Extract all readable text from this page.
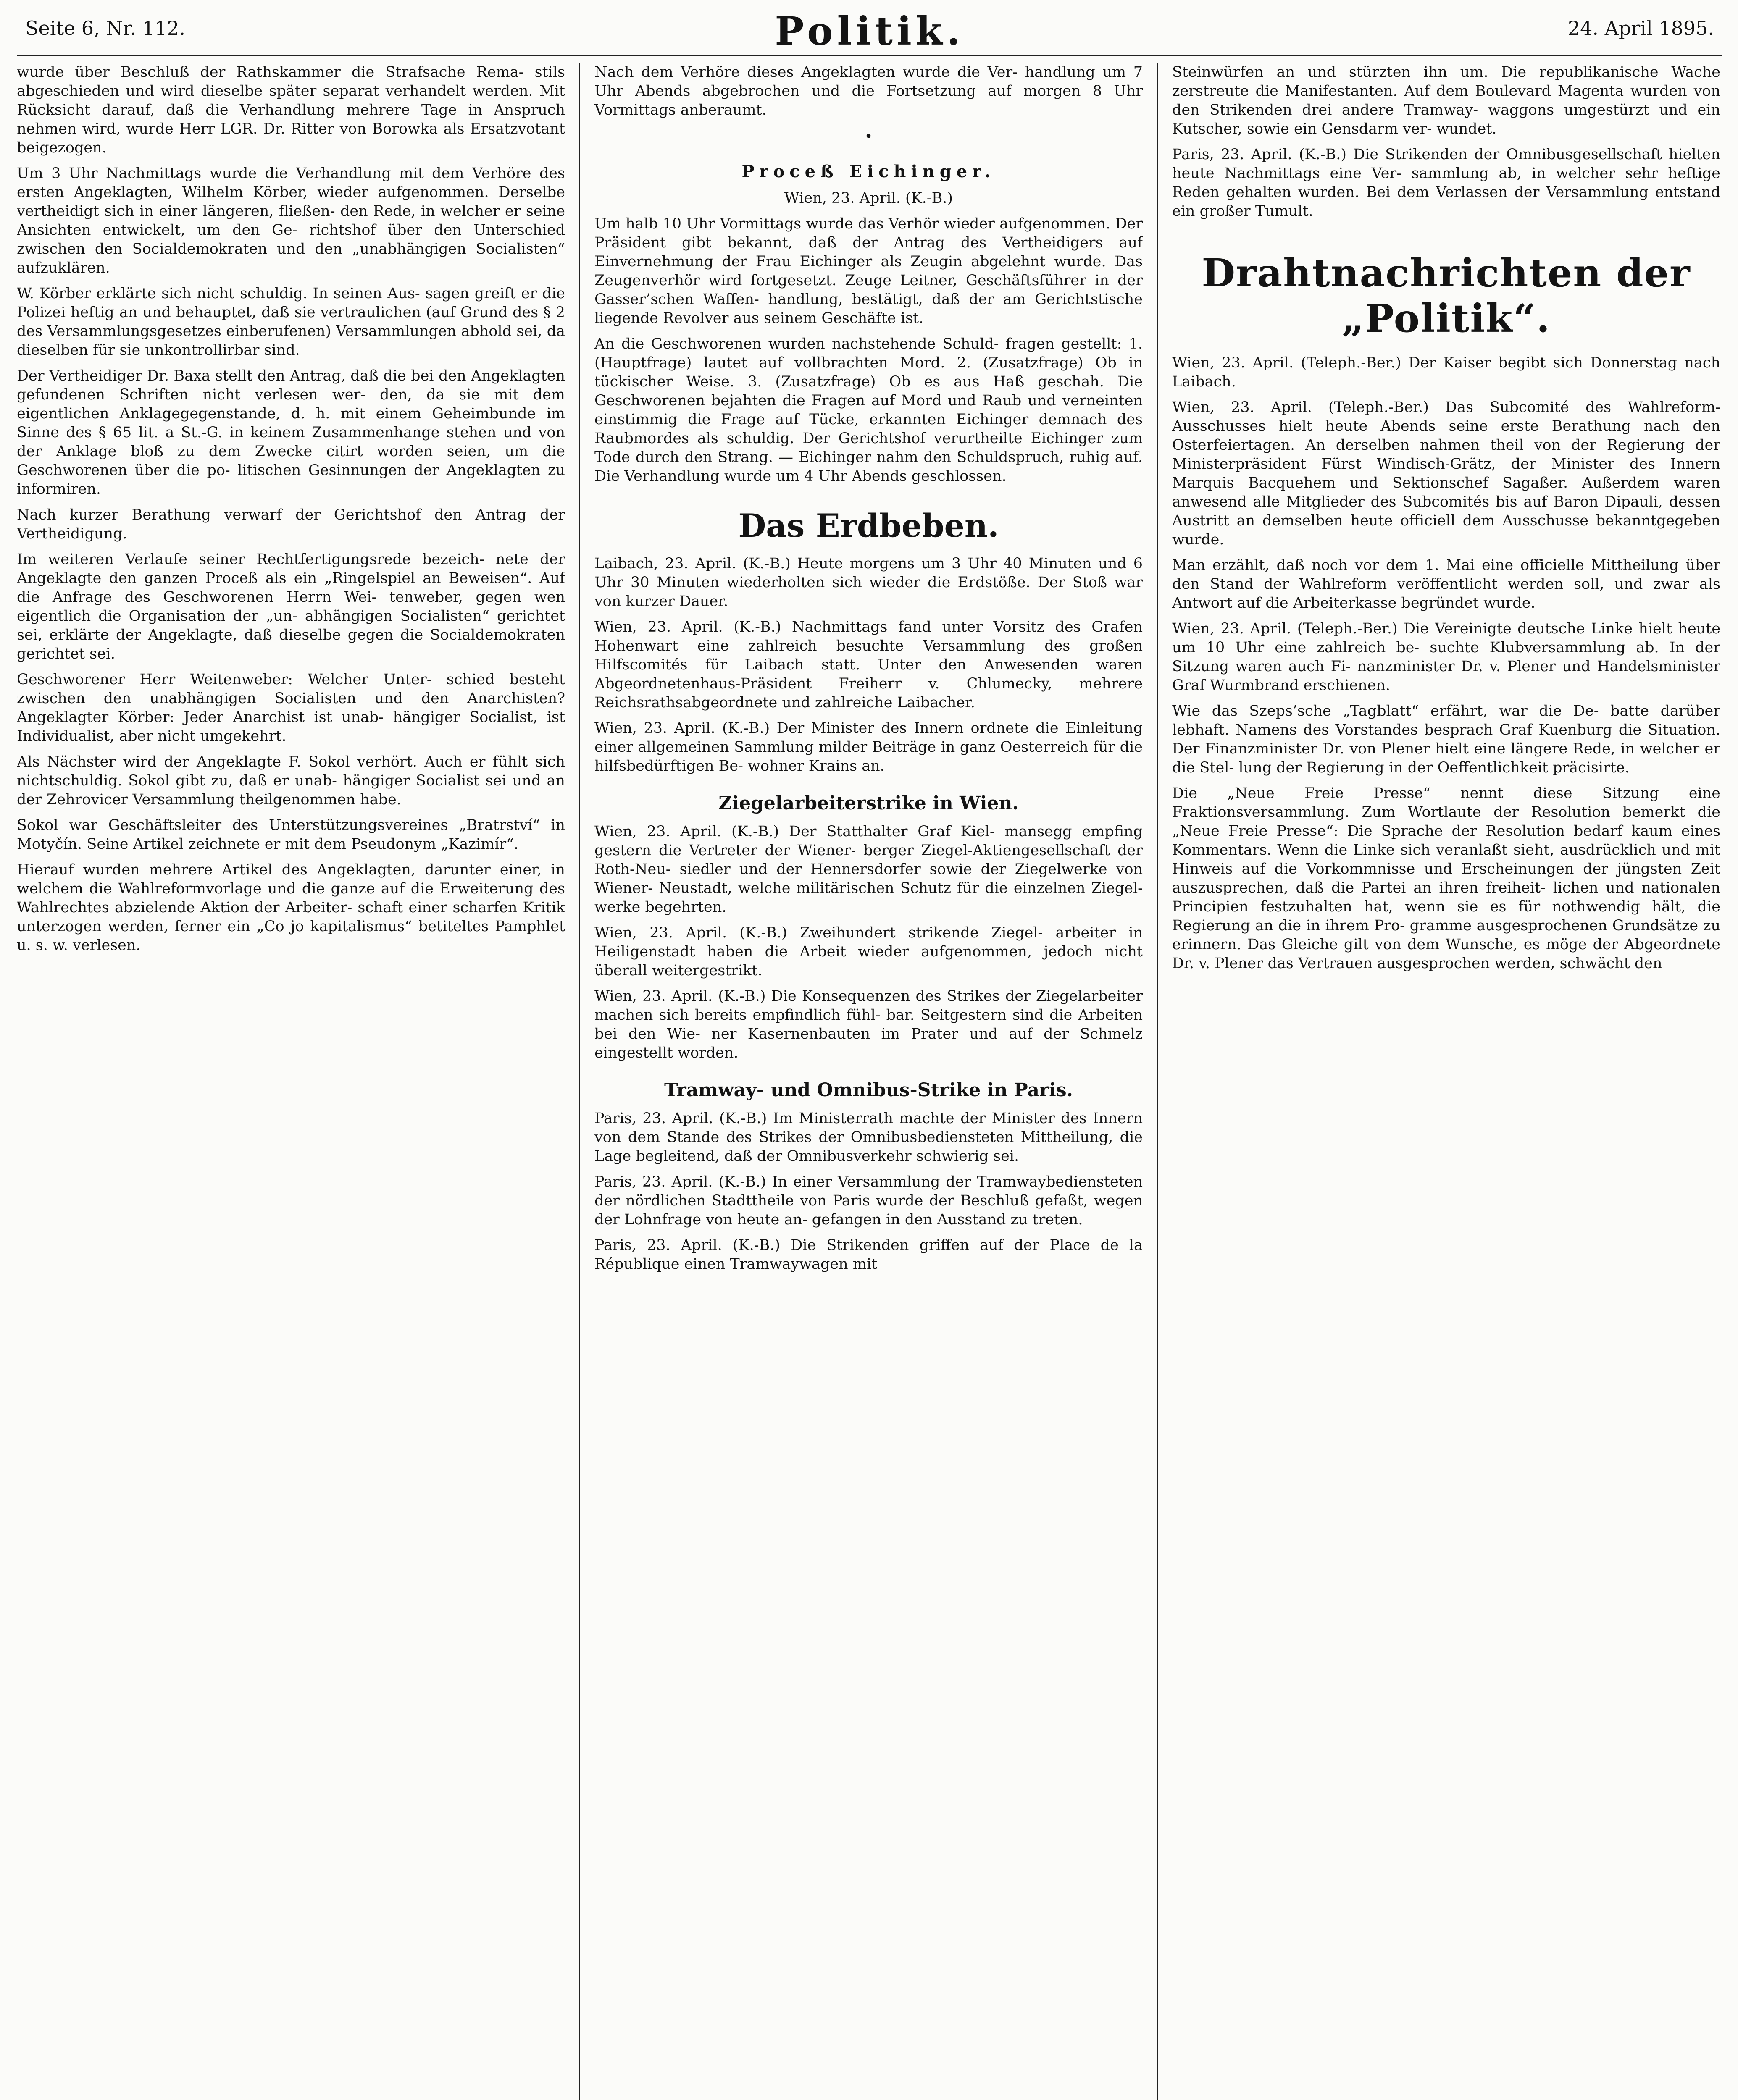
Seite 6, Nr. 112.	Politik.	24. April 1895.

wurde über Beschluß der Rathskammer die Strafsache Rema- stils abgeschieden und wird dieselbe später separat verhandelt werden. Mit Rücksicht darauf, daß die Verhandlung mehrere Tage in Anspruch nehmen wird, wurde Herr LGR. Dr. Ritter von Borowka als Ersatzvotant beigezogen.

Um 3 Uhr Nachmittags wurde die Verhandlung mit dem Verhöre des ersten Angeklagten, Wilhelm Körber, wieder aufgenommen. Derselbe vertheidigt sich in einer längeren, fließen- den Rede, in welcher er seine Ansichten entwickelt, um den Ge- richtshof über den Unterschied zwischen den Socialdemokraten und den „unabhängigen Socialisten“ aufzuklären.

W. Körber erklärte sich nicht schuldig. In seinen Aus- sagen greift er die Polizei heftig an und behauptet, daß sie vertraulichen (auf Grund des § 2 des Versammlungsgesetzes einberufenen) Versammlungen abhold sei, da dieselben für sie unkontrollirbar sind.

Der Vertheidiger Dr. Baxa stellt den Antrag, daß die bei den Angeklagten gefundenen Schriften nicht verlesen wer- den, da sie mit dem eigentlichen Anklagegegenstande, d. h. mit einem Geheimbunde im Sinne des § 65 lit. a St.-G. in keinem Zusammenhange stehen und von der Anklage bloß zu dem Zwecke citirt worden seien, um die Geschworenen über die po- litischen Gesinnungen der Angeklagten zu informiren.

Nach kurzer Berathung verwarf der Gerichtshof den Antrag der Vertheidigung.

Im weiteren Verlaufe seiner Rechtfertigungsrede bezeich- nete der Angeklagte den ganzen Proceß als ein „Ringelspiel an Beweisen“. Auf die Anfrage des Geschworenen Herrn Wei- tenweber, gegen wen eigentlich die Organisation der „un- abhängigen Socialisten“ gerichtet sei, erklärte der Angeklagte, daß dieselbe gegen die Socialdemokraten gerichtet sei.

Geschworener Herr Weitenweber: Welcher Unter- schied besteht zwischen den unabhängigen Socialisten und den Anarchisten? Angeklagter Körber: Jeder Anarchist ist unab- hängiger Socialist, ist Individualist, aber nicht umgekehrt.

Als Nächster wird der Angeklagte F. Sokol verhört. Auch er fühlt sich nichtschuldig. Sokol gibt zu, daß er unab- hängiger Socialist sei und an der Zehrovicer Versammlung theilgenommen habe.

Sokol war Geschäftsleiter des Unterstützungsvereines „Bratrství“ in Motyčín. Seine Artikel zeichnete er mit dem Pseudonym „Kazimír“.

Hierauf wurden mehrere Artikel des Angeklagten, darunter einer, in welchem die Wahlreformvorlage und die ganze auf die Erweiterung des Wahlrechtes abzielende Aktion der Arbeiter- schaft einer scharfen Kritik unterzogen werden, ferner ein „Co jo kapitalismus“ betiteltes Pamphlet u. s. w. verlesen.

Nach dem Verhöre dieses Angeklagten wurde die Ver- handlung um 7 Uhr Abends abgebrochen und die Fortsetzung auf morgen 8 Uhr Vormittags anberaumt.

•
Proceß Eichinger.

Wien, 23. April. (K.-B.)

Um halb 10 Uhr Vormittags wurde das Verhör wieder aufgenommen. Der Präsident gibt bekannt, daß der Antrag des Vertheidigers auf Einvernehmung der Frau Eichinger als Zeugin abgelehnt wurde. Das Zeugenverhör wird fortgesetzt. Zeuge Leitner, Geschäftsführer in der Gasser’schen Waffen- handlung, bestätigt, daß der am Gerichtstische liegende Revolver aus seinem Geschäfte ist.

An die Geschworenen wurden nachstehende Schuld- fragen gestellt: 1. (Hauptfrage) lautet auf vollbrachten Mord. 2. (Zusatzfrage) Ob in tückischer Weise. 3. (Zusatzfrage) Ob es aus Haß geschah. Die Geschworenen bejahten die Fragen auf Mord und Raub und verneinten einstimmig die Frage auf Tücke, erkannten Eichinger demnach des Raubmordes als schuldig. Der Gerichtshof verurtheilte Eichinger zum Tode durch den Strang. — Eichinger nahm den Schuldspruch, ruhig auf. Die Verhandlung wurde um 4 Uhr Abends geschlossen.

Das Erdbeben.

Laibach, 23. April. (K.-B.) Heute morgens um 3 Uhr 40 Minuten und 6 Uhr 30 Minuten wiederholten sich wieder die Erdstöße. Der Stoß war von kurzer Dauer.

Wien, 23. April. (K.-B.) Nachmittags fand unter Vorsitz des Grafen Hohenwart eine zahlreich besuchte Versammlung des großen Hilfscomités für Laibach statt. Unter den Anwesenden waren Abgeordnetenhaus-Präsident Freiherr v. Chlumecky, mehrere Reichsrathsabgeordnete und zahlreiche Laibacher.

Wien, 23. April. (K.-B.) Der Minister des Innern ordnete die Einleitung einer allgemeinen Sammlung milder Beiträge in ganz Oesterreich für die hilfsbedürftigen Be- wohner Krains an.

Ziegelarbeiterstrike in Wien.

Wien, 23. April. (K.-B.) Der Statthalter Graf Kiel- mansegg empfing gestern die Vertreter der Wiener- berger Ziegel-Aktiengesellschaft der Roth-Neu- siedler und der Hennersdorfer sowie der Ziegelwerke von Wiener- Neustadt, welche militärischen Schutz für die einzelnen Ziegel- werke begehrten.

Wien, 23. April. (K.-B.) Zweihundert strikende Ziegel- arbeiter in Heiligenstadt haben die Arbeit wieder aufgenommen, jedoch nicht überall weitergestrikt.

Wien, 23. April. (K.-B.) Die Konsequenzen des Strikes der Ziegelarbeiter machen sich bereits empfindlich fühl- bar. Seitgestern sind die Arbeiten bei den Wie- ner Kasernenbauten im Prater und auf der Schmelz eingestellt worden.

Tramway- und Omnibus-Strike in Paris.

Paris, 23. April. (K.-B.) Im Ministerrath machte der Minister des Innern von dem Stande des Strikes der Omnibusbediensteten Mittheilung, die Lage begleitend, daß der Omnibusverkehr schwierig sei.

Paris, 23. April. (K.-B.) In einer Versammlung der Tramwaybediensteten der nördlichen Stadttheile von Paris wurde der Beschluß gefaßt, wegen der Lohnfrage von heute an- gefangen in den Ausstand zu treten.

Paris, 23. April. (K.-B.) Die Strikenden griffen auf der Place de la République einen Tramwaywagen mit

Steinwürfen an und stürzten ihn um. Die republikanische Wache zerstreute die Manifestanten. Auf dem Boulevard Magenta wurden von den Strikenden drei andere Tramway- waggons umgestürzt und ein Kutscher, sowie ein Gensdarm ver- wundet.

Paris, 23. April. (K.-B.) Die Strikenden der Omnibusgesellschaft hielten heute Nachmittags eine Ver- sammlung ab, in welcher sehr heftige Reden gehalten wurden. Bei dem Verlassen der Versammlung entstand ein großer Tumult.

Drahtnachrichten der „Politik“.

Wien, 23. April. (Teleph.-Ber.) Der Kaiser begibt sich Donnerstag nach Laibach.

Wien, 23. April. (Teleph.-Ber.) Das Subcomité des Wahlreform-Ausschusses hielt heute Abends seine erste Berathung nach den Osterfeiertagen. An derselben nahmen theil von der Regierung der Ministerpräsident Fürst Windisch-Grätz, der Minister des Innern Marquis Bacquehem und Sektionschef Sagaßer. Außerdem waren anwesend alle Mitglieder des Subcomités bis auf Baron Dipauli, dessen Austritt an demselben heute officiell dem Ausschusse bekanntgegeben wurde.

Man erzählt, daß noch vor dem 1. Mai eine officielle Mittheilung über den Stand der Wahlreform veröffentlicht werden soll, und zwar als Antwort auf die Arbeiterkasse begründet wurde.

Wien, 23. April. (Teleph.-Ber.) Die Vereinigte deutsche Linke hielt heute um 10 Uhr eine zahlreich be- suchte Klubversammlung ab. In der Sitzung waren auch Fi- nanzminister Dr. v. Plener und Handelsminister Graf Wurmbrand erschienen.

Wie das Szeps’sche „Tagblatt“ erfährt, war die De- batte darüber lebhaft. Namens des Vorstandes besprach Graf Kuenburg die Situation. Der Finanzminister Dr. von Plener hielt eine längere Rede, in welcher er die Stel- lung der Regierung in der Oeffentlichkeit präcisirte.

Die „Neue Freie Presse“ nennt diese Sitzung eine Fraktionsversammlung. Zum Wortlaute der Resolution bemerkt die „Neue Freie Presse“: Die Sprache der Resolution bedarf kaum eines Kommentars. Wenn die Linke sich veranlaßt sieht, ausdrücklich und mit Hinweis auf die Vorkommnisse und Erscheinungen der jüngsten Zeit auszusprechen, daß die Partei an ihren freiheit- lichen und nationalen Principien festzuhalten hat, wenn sie es für nothwendig hält, die Regierung an die in ihrem Pro- gramme ausgesprochenen Grundsätze zu erinnern. Das Gleiche gilt von dem Wunsche, es möge der Abgeordnete Dr. v. Plener das Vertrauen ausgesprochen werden, schwächt den
